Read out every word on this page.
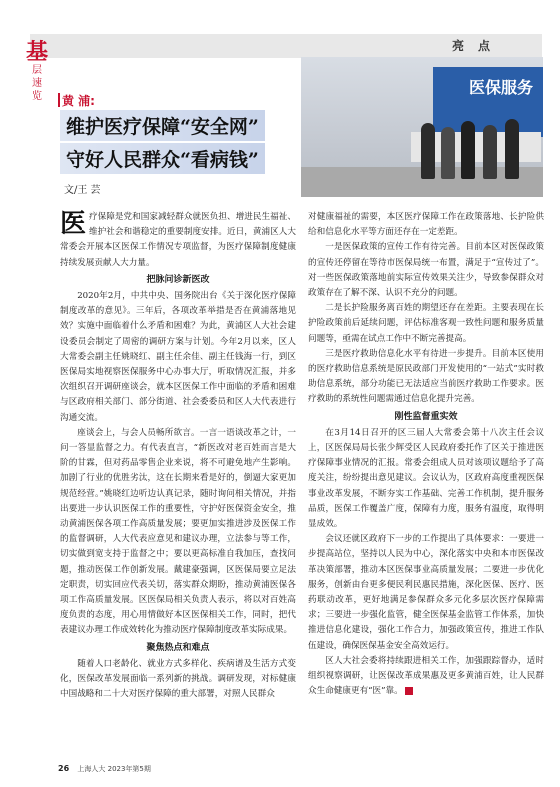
亮点
基
层速览 黄 浦:
维护医疗保障“安全网”
守好人民群众“看病钱”
文/王 芸
医保服务

医疗保障是党和国家减轻群众就医负担、增进民生福祉、维护社会和谐稳定的重要制度安排。近日，黄浦区人大常委会开展本区医保工作情况专项监督，为医疗保障制度健康持续发展贡献人大力量。

把脉问诊新医改

2020年2月，中共中央、国务院出台《关于深化医疗保障制度改革的意见》。三年后，各项改革举措是否在黄浦落地见效？实施中面临着什么矛盾和困难？为此，黄浦区人大社会建设委员会制定了周密的调研方案与计划。今年2月以来，区人大常委会副主任姚晓红、副主任余佳、副主任钱海一行，到区医保局实地视察医保服务中心办事大厅，听取情况汇报，并多次组织召开调研座谈会，就本区医保工作中面临的矛盾和困难与区政府相关部门、部分街道、社会委委员和区人大代表进行沟通交流。

座谈会上，与会人员畅所欲言。一言一语谈改革之计，一问一答显监督之力。有代表直言，“新医改对老百姓而言是大阶的甘霖，但对药品零售企业来说，将不可避免地产生影响。加剧了行业的优胜劣汰，这在长期来看是好的，倒逼大家更加规范经营。”姚晓红边听边认真记录，随时询问相关情况，并指出要进一步认识医保工作的重要性，守护好医保资金安全，推动黄浦医保各项工作高质量发展；要更加实推进涉及医保工作的监督调研，人大代表应意见和建议办理，立法参与等工作，切实做到宽支持于监督之中；要以更高标准自我加压，查找问题，推动医保工作创新发展。戴建豪强调，区医保局要立足法定职责，切实回应代表关切，落实群众期盼，推动黄浦医保各项工作高质量发展。区医保局相关负责人表示，将以对百姓高度负责的态度，用心用情做好本区医保相关工作，同时，把代表建议办理工作成效转化为推动医疗保障制度改革实际成果。

聚焦热点和难点

随着人口老龄化、就业方式多样化、疾病谱及生活方式变化，医保改革发展面临一系列新的挑战。调研发现，对标健康中国战略和二十大对医疗保障的重大部署，对照人民群众

对健康福祉的需要，本区医疗保障工作在政策落地、长护险供给和信息化水平等方面还存在一定差距。

一是医保政策的宣传工作有待完善。目前本区对医保政策的宣传还停留在等待市医保局统一布置，满足于“宣传过了”。对一些医保政策落地前实际宣传效果关注少，导致参保群众对政策存在了解不深、认识不充分的问题。

二是长护险服务离百姓的期望还存在差距。主要表现在长护险政策前后延续问题，评估标准客观一致性问题和服务质量问题等，亟需在试点工作中不断完善提高。

三是医疗救助信息化水平有待进一步提升。目前本区使用的医疗救助信息系统是原民政部门开发使用的“一站式”实时救助信息系统，部分功能已无法适应当前医疗救助工作要求。医疗救助的系统性问题需通过信息化提升完善。

刚性监督重实效

在3月14日召开的区三届人大常委会第十八次主任会议上，区医保局局长张少辉受区人民政府委托作了区关于推进医疗保障事业情况的汇报。常委会组成人员对该项议题给予了高度关注，纷纷提出意见建议。会议认为，区政府高度重视医保事业改革发展，不断夯实工作基础、完善工作机制，提升服务品质，医保工作覆盖广度，保障有力度，服务有温度，取得明显成效。

会议还就区政府下一步的工作提出了具体要求：一要进一步提高站位，坚持以人民为中心，深化落实中央和本市医保改革决策部署，推动本区医保事业高质量发展；二要进一步优化服务，创新由台更多便民利民惠民措施，深化医保、医疗、医药联动改革，更好地满足参保群众多元化多层次医疗保障需求；三要进一步强化监管，健全医保基金监管工作体系，加快推进信息化建设，强化工作合力，加强政策宣传，推进工作队伍建设，确保医保基金安全高效运行。

区人大社会委将持续跟进相关工作，加强跟踪督办，适时组织视察调研，让医保改革成果惠及更多黄浦百姓，让人民群众生命健康更有“医”靠。

26 上海人大 2023年第5期
